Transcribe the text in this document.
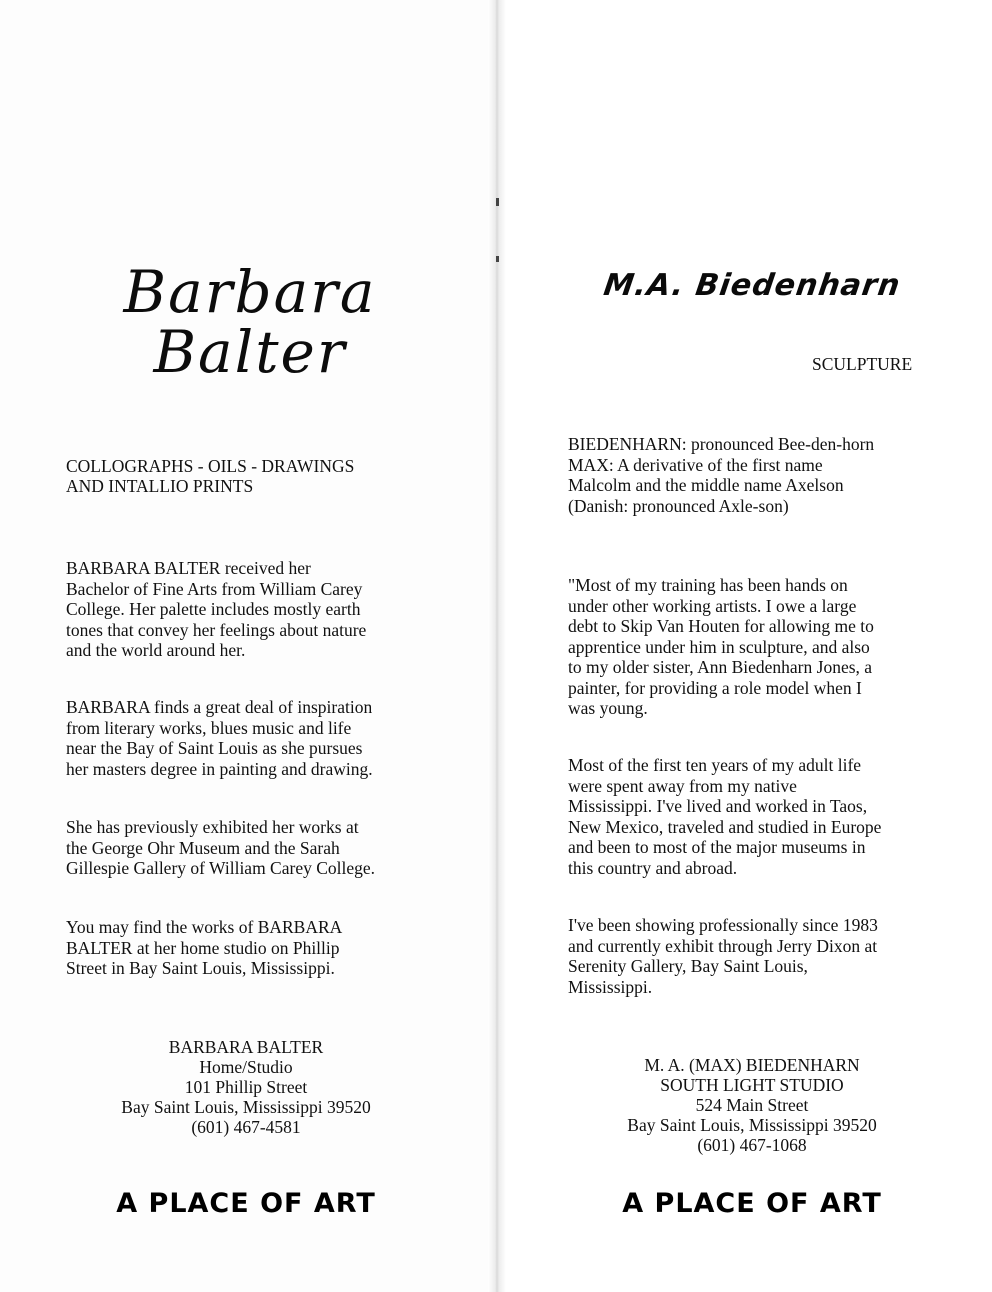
Barbara
Balter
COLLOGRAPHS - OILS - DRAWINGS
AND INTALLIO PRINTS

BARBARA BALTER received her
Bachelor of Fine Arts from William Carey
College. Her palette includes mostly earth
tones that convey her feelings about nature
and the world around her.

BARBARA finds a great deal of inspiration
from literary works, blues music and life
near the Bay of Saint Louis as she pursues
her masters degree in painting and drawing.

She has previously exhibited her works at
the George Ohr Museum and the Sarah
Gillespie Gallery of William Carey College.

You may find the works of BARBARA
BALTER at her home studio on Phillip
Street in Bay Saint Louis, Mississippi.

BARBARA BALTER
Home/Studio
101 Phillip Street
Bay Saint Louis, Mississippi 39520
(601) 467-4581
A PLACE OF ART
M.A. Biedenharn
SCULPTURE

BIEDENHARN: pronounced Bee-den-horn
MAX: A derivative of the first name
Malcolm and the middle name Axelson
(Danish: pronounced Axle-son)

"Most of my training has been hands on
under other working artists. I owe a large
debt to Skip Van Houten for allowing me to
apprentice under him in sculpture, and also
to my older sister, Ann Biedenharn Jones, a
painter, for providing a role model when I
was young.

Most of the first ten years of my adult life
were spent away from my native
Mississippi. I've lived and worked in Taos,
New Mexico, traveled and studied in Europe
and been to most of the major museums in
this country and abroad.

I've been showing professionally since 1983
and currently exhibit through Jerry Dixon at
Serenity Gallery, Bay Saint Louis,
Mississippi.

M. A. (MAX) BIEDENHARN
SOUTH LIGHT STUDIO
524 Main Street
Bay Saint Louis, Mississippi 39520
(601) 467-1068
A PLACE OF ART
